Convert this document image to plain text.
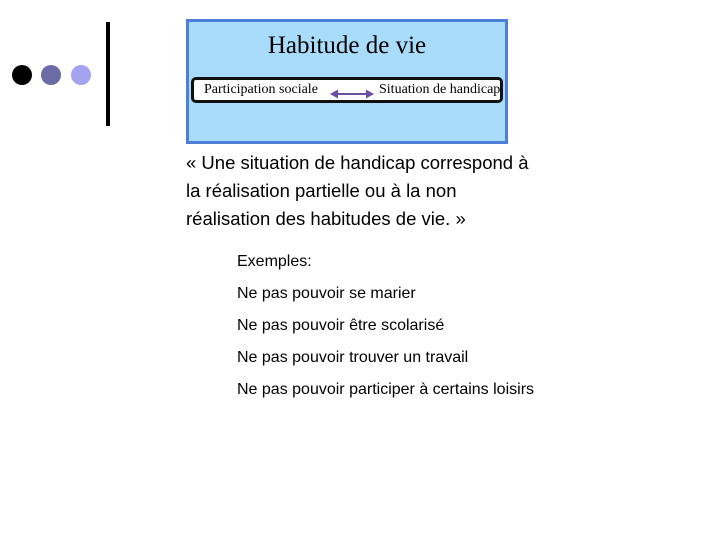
Habitude de vie
Participation sociale	Situation de handicap
« Une situation de handicap correspond à la réalisation partielle ou à la non réalisation des habitudes de vie. »
Exemples:
Ne pas pouvoir se marier
Ne pas pouvoir être scolarisé
Ne pas pouvoir trouver un travail
Ne pas pouvoir participer à certains loisirs
